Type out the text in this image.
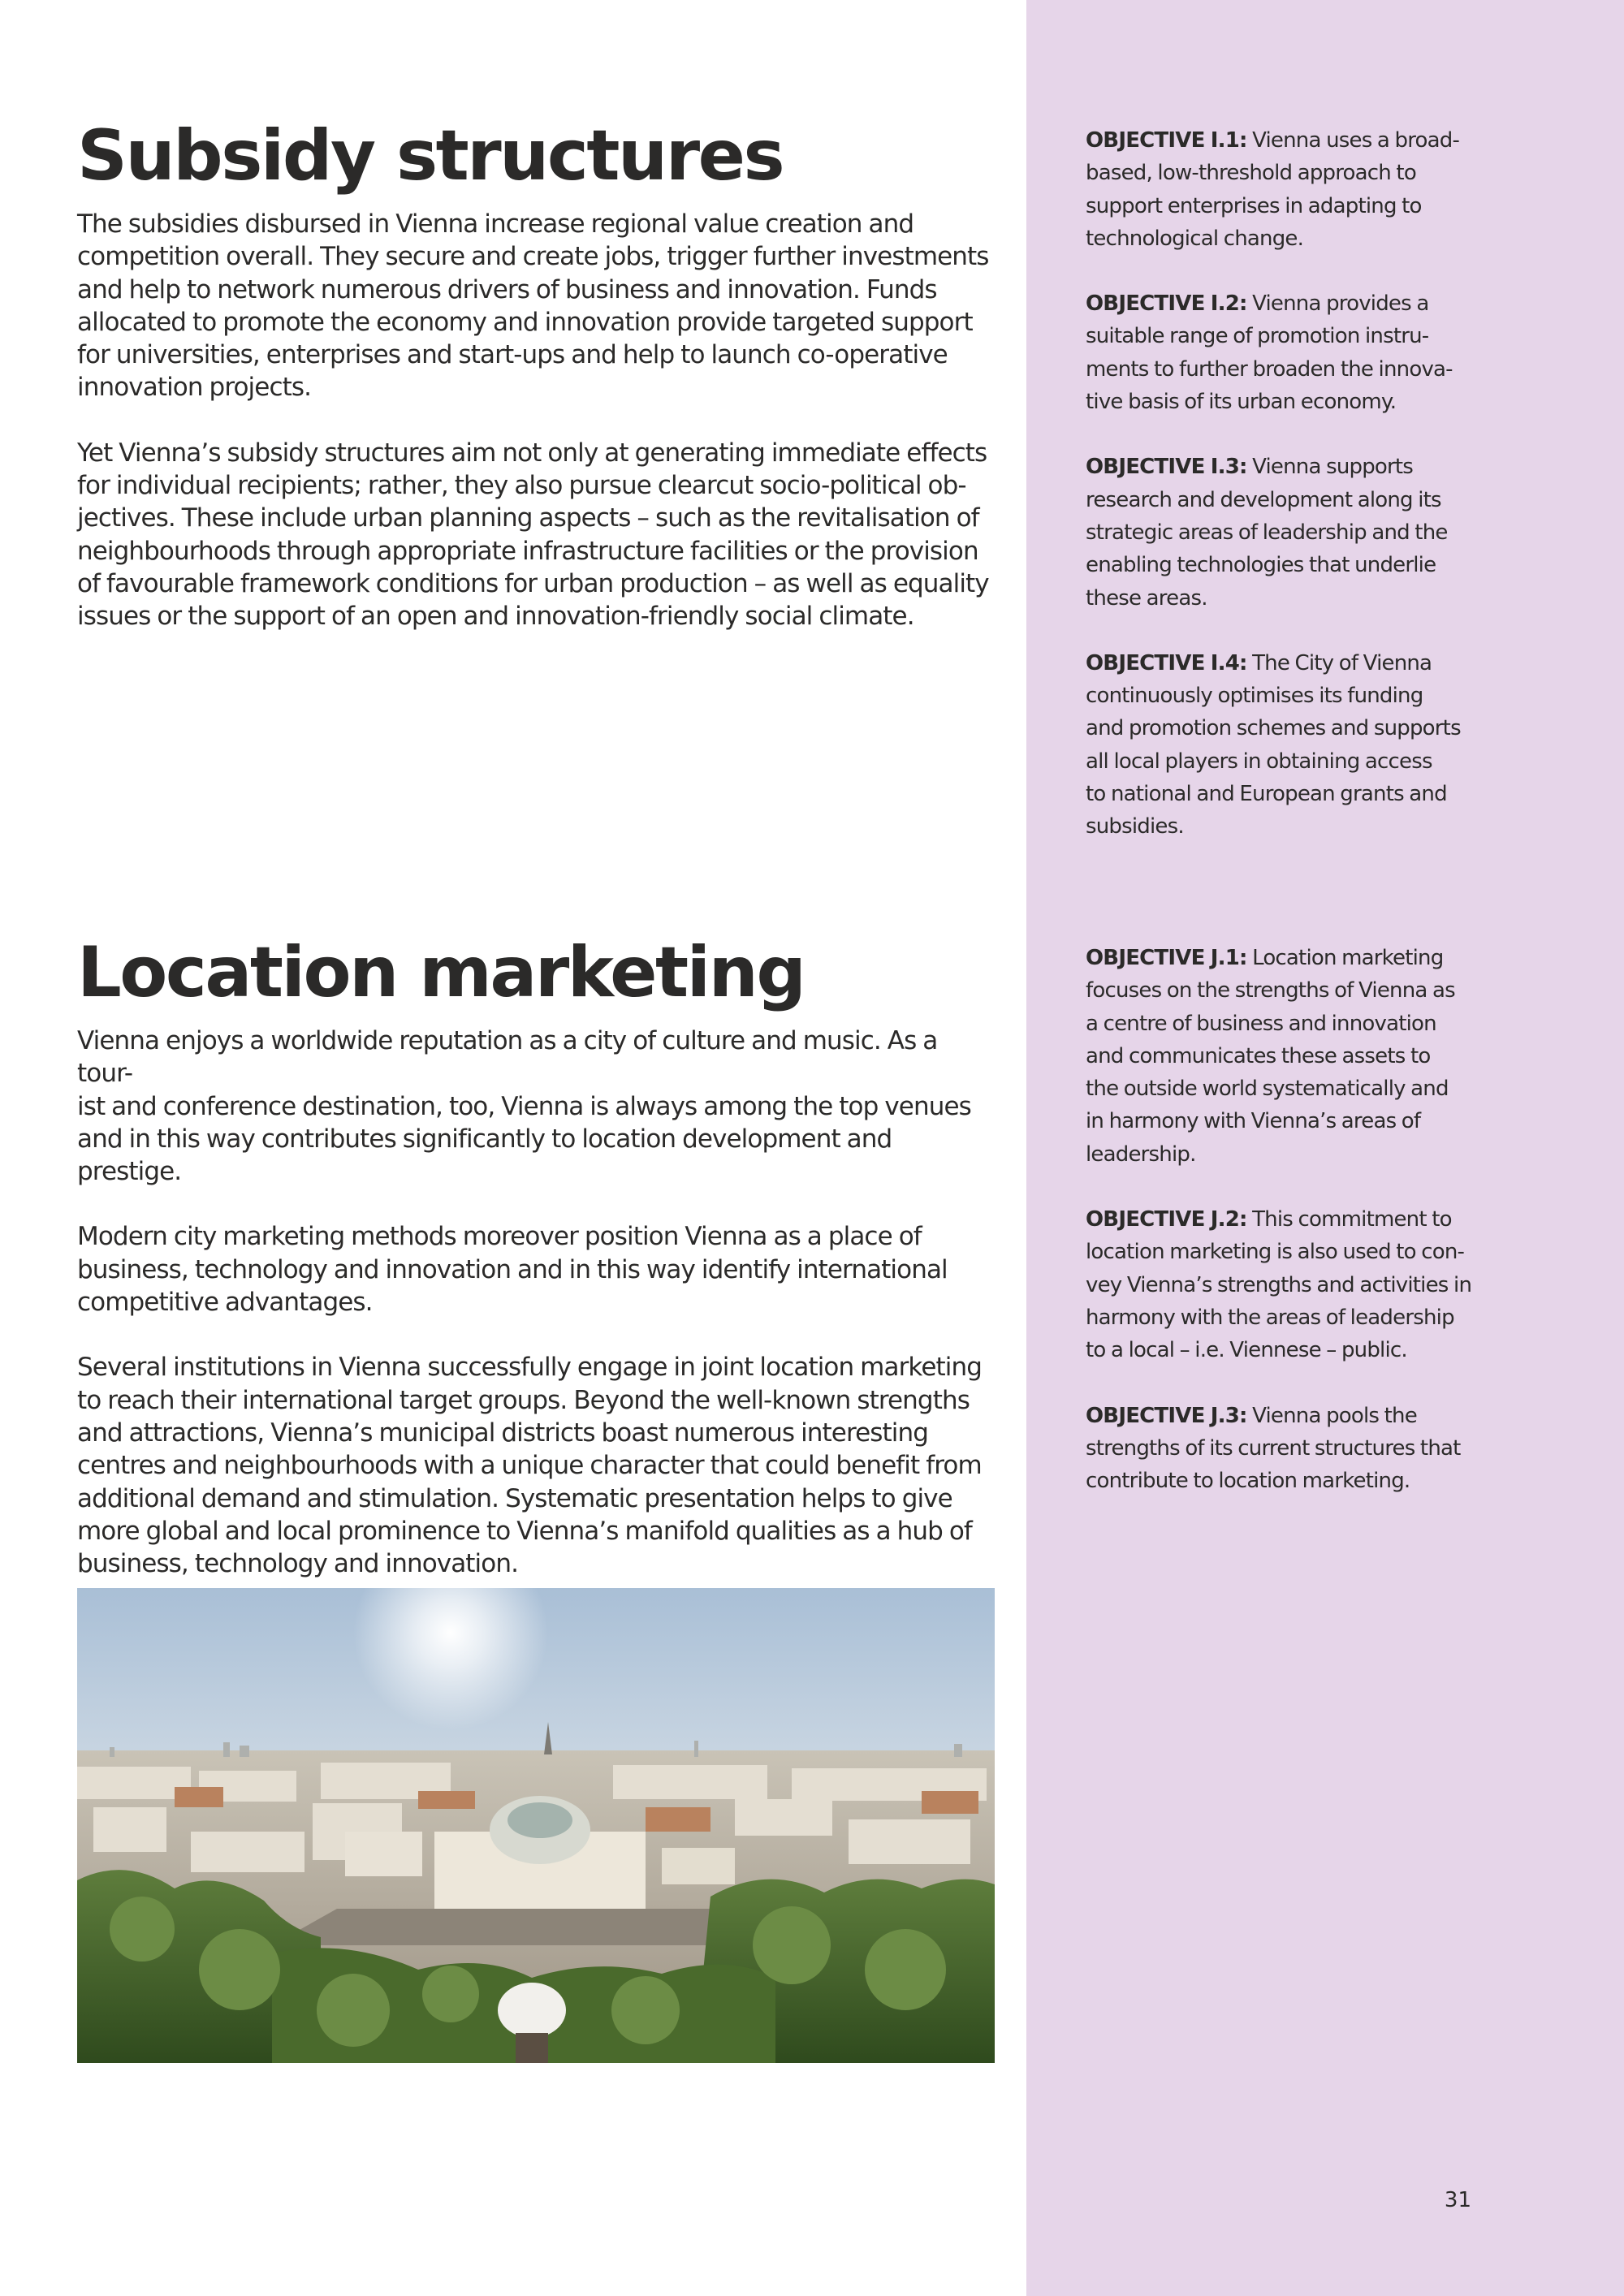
Subsidy structures

The subsidies disbursed in Vienna increase regional value creation and
competition overall. They secure and create jobs, trigger further investments
and help to network numerous drivers of business and innovation. Funds
allocated to promote the economy and innovation provide targeted support
for universities, enterprises and start-ups and help to launch co-operative
innovation projects.

Yet Vienna’s subsidy structures aim not only at generating immediate effects
for individual recipients; rather, they also pursue clearcut socio-political ob-
jectives. These include urban planning aspects – such as the revitalisation of
neighbourhoods through appropriate infrastructure facilities or the provision
of favourable framework conditions for urban production – as well as equality
issues or the support of an open and innovation-friendly social climate.

Location marketing

Vienna enjoys a worldwide reputation as a city of culture and music. As a tour-
ist and conference destination, too, Vienna is always among the top venues
and in this way contributes significantly to location development and prestige.

Modern city marketing methods moreover position Vienna as a place of
business, technology and innovation and in this way identify international
competitive advantages.

Several institutions in Vienna successfully engage in joint location marketing
to reach their international target groups. Beyond the well-known strengths
and attractions, Vienna’s municipal districts boast numerous interesting
centres and neighbourhoods with a unique character that could benefit from
additional demand and stimulation. Systematic presentation helps to give
more global and local prominence to Vienna’s manifold qualities as a hub of
business, technology and innovation.

OBJECTIVE I.1: Vienna uses a broad-
based, low-threshold approach to
support enterprises in adapting to
technological change.

OBJECTIVE I.2: Vienna provides a
suitable range of promotion instru-
ments to further broaden the innova-
tive basis of its urban economy.

OBJECTIVE I.3: Vienna supports
research and development along its
strategic areas of leadership and the
enabling technologies that underlie
these areas.

OBJECTIVE I.4: The City of Vienna
continuously optimises its funding
and promotion schemes and supports
all local players in obtaining access
to national and European grants and
subsidies.

OBJECTIVE J.1: Location marketing
focuses on the strengths of Vienna as
a centre of business and innovation
and communicates these assets to
the outside world systematically and
in harmony with Vienna’s areas of
leadership.

OBJECTIVE J.2: This commitment to
location marketing is also used to con-
vey Vienna’s strengths and activities in
harmony with the areas of leadership
to a local – i.e. Viennese – public.

OBJECTIVE J.3: Vienna pools the
strengths of its current structures that
contribute to location marketing.

31
